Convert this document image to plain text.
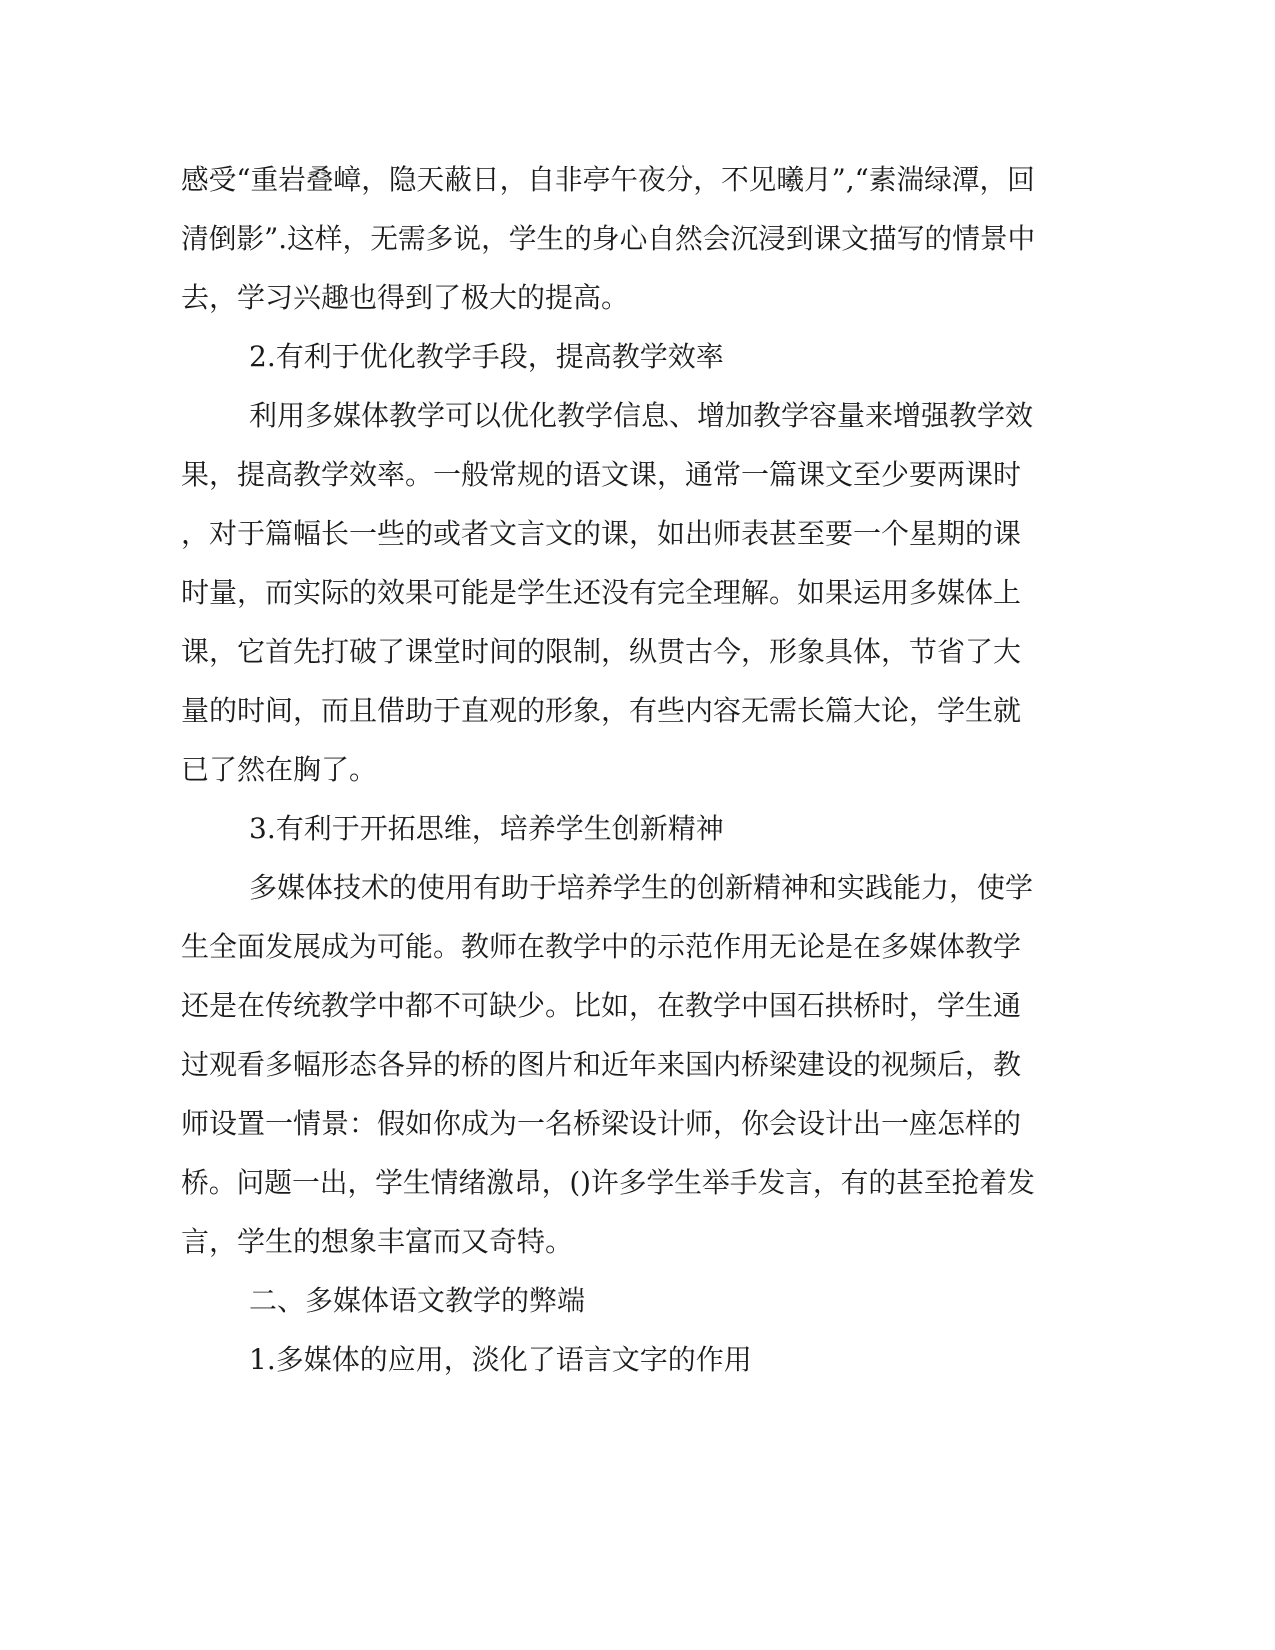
感受“重岩叠嶂，隐天蔽日，自非亭午夜分，不见曦月”,“素湍绿潭，回
清倒影”.这样，无需多说，学生的身心自然会沉浸到课文描写的情景中
去，学习兴趣也得到了极大的提高。
2.有利于优化教学手段，提高教学效率
利用多媒体教学可以优化教学信息、增加教学容量来增强教学效
果，提高教学效率。一般常规的语文课，通常一篇课文至少要两课时
，对于篇幅长一些的或者文言文的课，如出师表甚至要一个星期的课
时量，而实际的效果可能是学生还没有完全理解。如果运用多媒体上
课，它首先打破了课堂时间的限制，纵贯古今，形象具体，节省了大
量的时间，而且借助于直观的形象，有些内容无需长篇大论，学生就
已了然在胸了。
3.有利于开拓思维，培养学生创新精神
多媒体技术的使用有助于培养学生的创新精神和实践能力，使学
生全面发展成为可能。教师在教学中的示范作用无论是在多媒体教学
还是在传统教学中都不可缺少。比如，在教学中国石拱桥时，学生通
过观看多幅形态各异的桥的图片和近年来国内桥梁建设的视频后，教
师设置一情景：假如你成为一名桥梁设计师，你会设计出一座怎样的
桥。问题一出，学生情绪激昂，()许多学生举手发言，有的甚至抢着发
言，学生的想象丰富而又奇特。
二、多媒体语文教学的弊端
1.多媒体的应用，淡化了语言文字的作用
